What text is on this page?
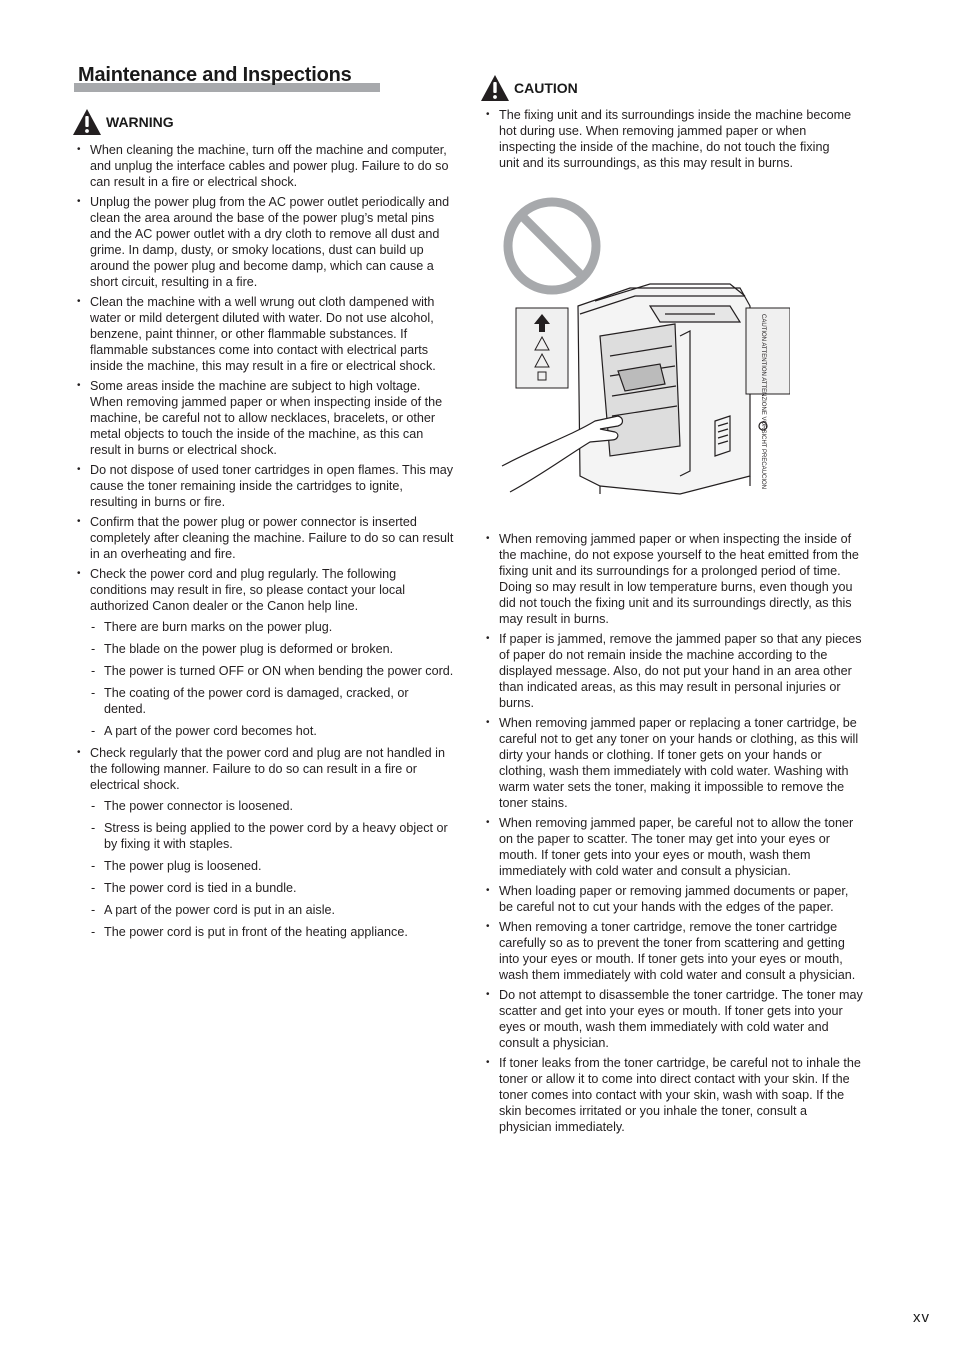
Maintenance and Inspections
WARNING
• When cleaning the machine, turn off the machine and computer, and unplug the interface cables and power plug. Failure to do so can result in a fire or electrical shock.
• Unplug the power plug from the AC power outlet periodically and clean the area around the base of the power plug’s metal pins and the AC power outlet with a dry cloth to remove all dust and grime. In damp, dusty, or smoky locations, dust can build up around the power plug and become damp, which can cause a short circuit, resulting in a fire.
• Clean the machine with a well wrung out cloth dampened with water or mild detergent diluted with water. Do not use alcohol, benzene, paint thinner, or other flammable substances. If flammable substances come into contact with electrical parts inside the machine, this may result in a fire or electrical shock.
• Some areas inside the machine are subject to high voltage. When removing jammed paper or when inspecting inside of the machine, be careful not to allow necklaces, bracelets, or other metal objects to touch the inside of the machine, as this can result in burns or electrical shock.
• Do not dispose of used toner cartridges in open flames. This may cause the toner remaining inside the cartridges to ignite, resulting in burns or fire.
• Confirm that the power plug or power connector is inserted completely after cleaning the machine. Failure to do so can result in an overheating and fire.
• Check the power cord and plug regularly. The following conditions may result in fire, so please contact your local authorized Canon dealer or the Canon help line.
- There are burn marks on the power plug.
- The blade on the power plug is deformed or broken.
- The power is turned OFF or ON when bending the power cord.
- The coating of the power cord is damaged, cracked, or dented.
- A part of the power cord becomes hot.
• Check regularly that the power cord and plug are not handled in the following manner. Failure to do so can result in a fire or electrical shock.
- The power connector is loosened.
- Stress is being applied to the power cord by a heavy object or by fixing it with staples.
- The power plug is loosened.
- The power cord is tied in a bundle.
- A part of the power cord is put in an aisle.
- The power cord is put in front of the heating appliance.
CAUTION
• The fixing unit and its surroundings inside the machine become hot during use. When removing jammed paper or when inspecting the inside of the machine, do not touch the fixing unit and its surroundings, as this may result in burns.
CAUTION ATTENTION ATTENZIONE VORSICHT PRECAUCION
• When removing jammed paper or when inspecting the inside of the machine, do not expose yourself to the heat emitted from the fixing unit and its surroundings for a prolonged period of time. Doing so may result in low temperature burns, even though you did not touch the fixing unit and its surroundings directly, as this may result in burns.
• If paper is jammed, remove the jammed paper so that any pieces of paper do not remain inside the machine according to the displayed message. Also, do not put your hand in an area other than indicated areas, as this may result in personal injuries or burns.
• When removing jammed paper or replacing a toner cartridge, be careful not to get any toner on your hands or clothing, as this will dirty your hands or clothing. If toner gets on your hands or clothing, wash them immediately with cold water. Washing with warm water sets the toner, making it impossible to remove the toner stains.
• When removing jammed paper, be careful not to allow the toner on the paper to scatter. The toner may get into your eyes or mouth. If toner gets into your eyes or mouth, wash them immediately with cold water and consult a physician.
• When loading paper or removing jammed documents or paper, be careful not to cut your hands with the edges of the paper.
• When removing a toner cartridge, remove the toner cartridge carefully so as to prevent the toner from scattering and getting into your eyes or mouth. If toner gets into your eyes or mouth, wash them immediately with cold water and consult a physician.
• Do not attempt to disassemble the toner cartridge. The toner may scatter and get into your eyes or mouth. If toner gets into your eyes or mouth, wash them immediately with cold water and consult a physician.
• If toner leaks from the toner cartridge, be careful not to inhale the toner or allow it to come into direct contact with your skin. If the toner comes into contact with your skin, wash with soap. If the skin becomes irritated or you inhale the toner, consult a physician immediately.
xv
